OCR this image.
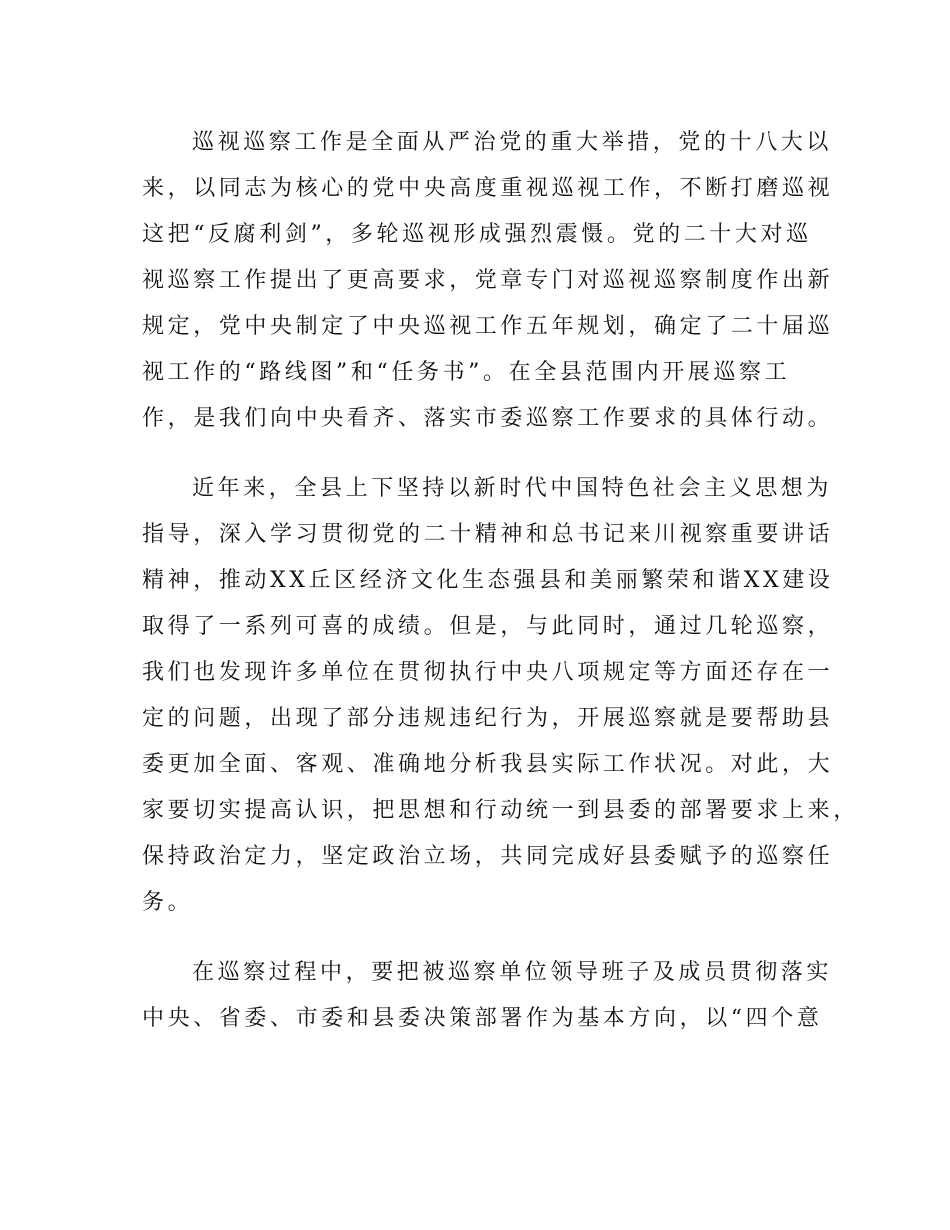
巡视巡察工作是全面从严治党的重大举措，党的十八大以
来，以同志为核心的党中央高度重视巡视工作，不断打磨巡视
这把“反腐利剑”，多轮巡视形成强烈震慑。党的二十大对巡
视巡察工作提出了更高要求，党章专门对巡视巡察制度作出新
规定，党中央制定了中央巡视工作五年规划，确定了二十届巡
视工作的“路线图”和“任务书”。在全县范围内开展巡察工
作，是我们向中央看齐、落实市委巡察工作要求的具体行动。
近年来，全县上下坚持以新时代中国特色社会主义思想为
指导，深入学习贯彻党的二十精神和总书记来川视察重要讲话
精神，推动XX丘区经济文化生态强县和美丽繁荣和谐XX建设
取得了一系列可喜的成绩。但是，与此同时，通过几轮巡察，
我们也发现许多单位在贯彻执行中央八项规定等方面还存在一
定的问题，出现了部分违规违纪行为，开展巡察就是要帮助县
委更加全面、客观、准确地分析我县实际工作状况。对此，大
家要切实提高认识，把思想和行动统一到县委的部署要求上来，
保持政治定力，坚定政治立场，共同完成好县委赋予的巡察任
务。
在巡察过程中，要把被巡察单位领导班子及成员贯彻落实
中央、省委、市委和县委决策部署作为基本方向，以“四个意
